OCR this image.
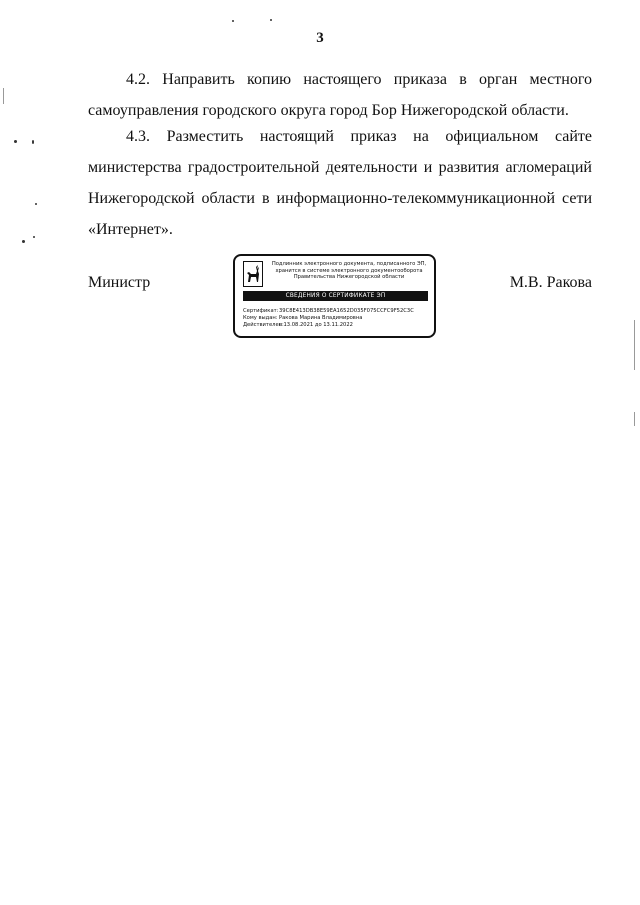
3
4.2. Направить копию настоящего приказа в орган местного самоуправления городского округа город Бор Нижегородской области.
4.3. Разместить настоящий приказ на официальном сайте министерства градостроительной деятельности и развития агломераций Нижегородской области в информационно-телекоммуникационной сети «Интернет».
Министр	М.В. Ракова
Подлинник электронного документа, подписанного ЭП,
хранится в системе электронного документооборота
Правительства Нижегородской области
СВЕДЕНИЯ О СЕРТИФИКАТЕ ЭП
Сертификат: 39C8E413DB38E59EA1652D035F075CCFC9F52C3C
Кому выдан: Ракова Марина Владимировна
Действителен:
с 13.08.2021 до 13.11.2022
